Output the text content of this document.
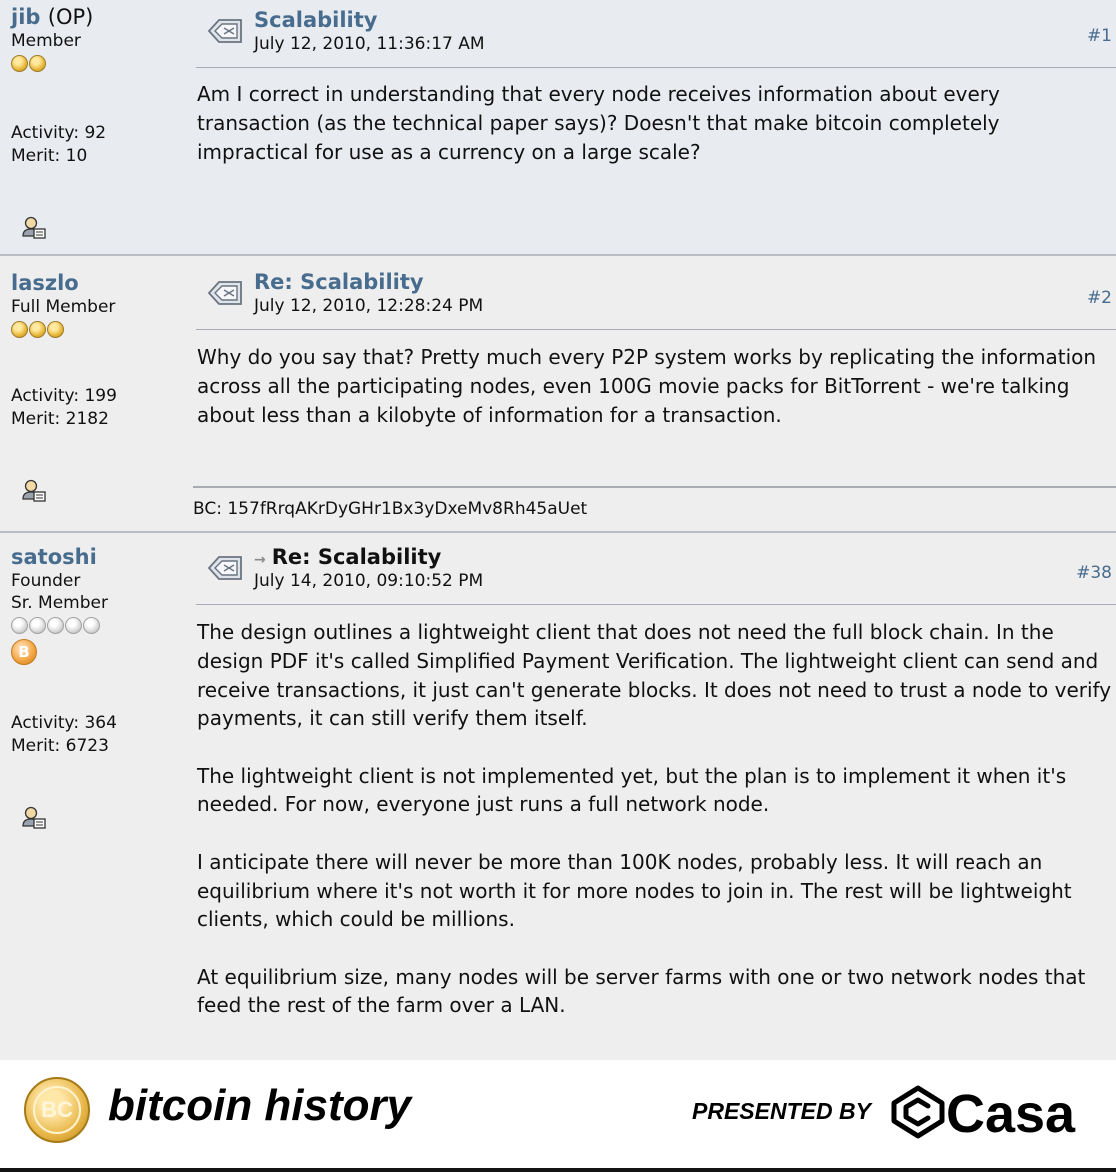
jib (OP)
Member
Activity: 92
Merit: 10
Scalability
July 12, 2010, 11:36:17 AM	#1

Am I correct in understanding that every node receives information about every transaction (as the technical paper says)? Doesn't that make bitcoin completely impractical for use as a currency on a large scale?

laszlo
Full Member
Activity: 199
Merit: 2182
Re: Scalability
July 12, 2010, 12:28:24 PM	#2

Why do you say that? Pretty much every P2P system works by replicating the information across all the participating nodes, even 100G movie packs for BitTorrent - we're talking about less than a kilobyte of information for a transaction.

BC: 157fRrqAKrDyGHr1Bx3yDxeMv8Rh45aUet
satoshi
Founder
Sr. Member
B
Activity: 364
Merit: 6723
→ Re: Scalability
July 14, 2010, 09:10:52 PM	#38

The design outlines a lightweight client that does not need the full block chain. In the design PDF it's called Simplified Payment Verification. The lightweight client can send and receive transactions, it just can't generate blocks. It does not need to trust a node to verify payments, it can still verify them itself.

The lightweight client is not implemented yet, but the plan is to implement it when it's needed. For now, everyone just runs a full network node.

I anticipate there will never be more than 100K nodes, probably less. It will reach an equilibrium where it's not worth it for more nodes to join in. The rest will be lightweight clients, which could be millions.

At equilibrium size, many nodes will be server farms with one or two network nodes that feed the rest of the farm over a LAN.

BC bitcoin history	PRESENTED BY Casa
